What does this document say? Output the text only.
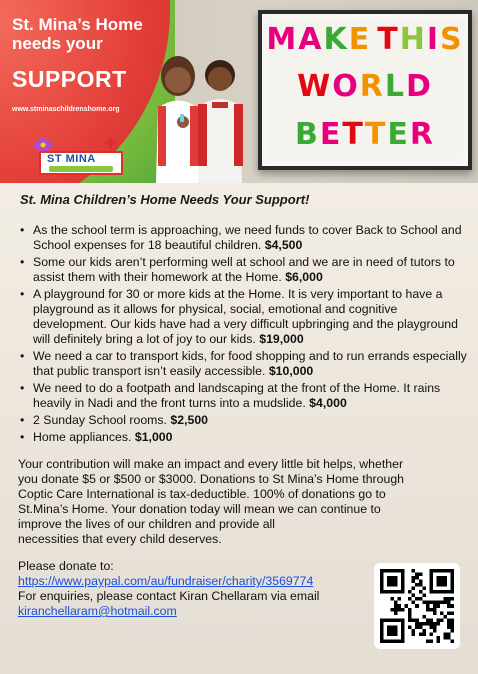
St. Mina’s Home
needs your
SUPPORT
www.stminaschildrenshome.org
ST MINA
MAKE THIS
WORLD
BETTER
St. Mina Children’s Home Needs Your Support!
• As the school term is approaching, we need funds to cover Back to School and School expenses for 18 beautiful children. $4,500
• Some our kids aren’t performing well at school and we are in need of tutors to assist them with their homework at the Home. $6,000
• A playground for 30 or more kids at the Home. It is very important to have a playground as it allows for physical, social, emotional and cognitive development. Our kids have had a very difficult upbringing and the playground will definitely bring a lot of joy to our kids. $19,000
• We need a car to transport kids, for food shopping and to run errands especially that public transport isn’t easily accessible. $10,000
• We need to do a footpath and landscaping at the front of the Home. It rains heavily in Nadi and the front turns into a mudslide. $4,000
• 2 Sunday School rooms. $2,500
• Home appliances. $1,000
Your contribution will make an impact and every little bit helps, whether
you donate $5 or $500 or $3000. Donations to St Mina’s Home through
Coptic Care International is tax-deductible. 100% of donations go to
St.Mina’s Home. Your donation today will mean we can continue to
improve the lives of our children and provide all
necessities that every child deserves.
Please donate to:
https://www.paypal.com/au/fundraiser/charity/3569774
For enquiries, please contact Kiran Chellaram via email
kiranchellaram@hotmail.com
